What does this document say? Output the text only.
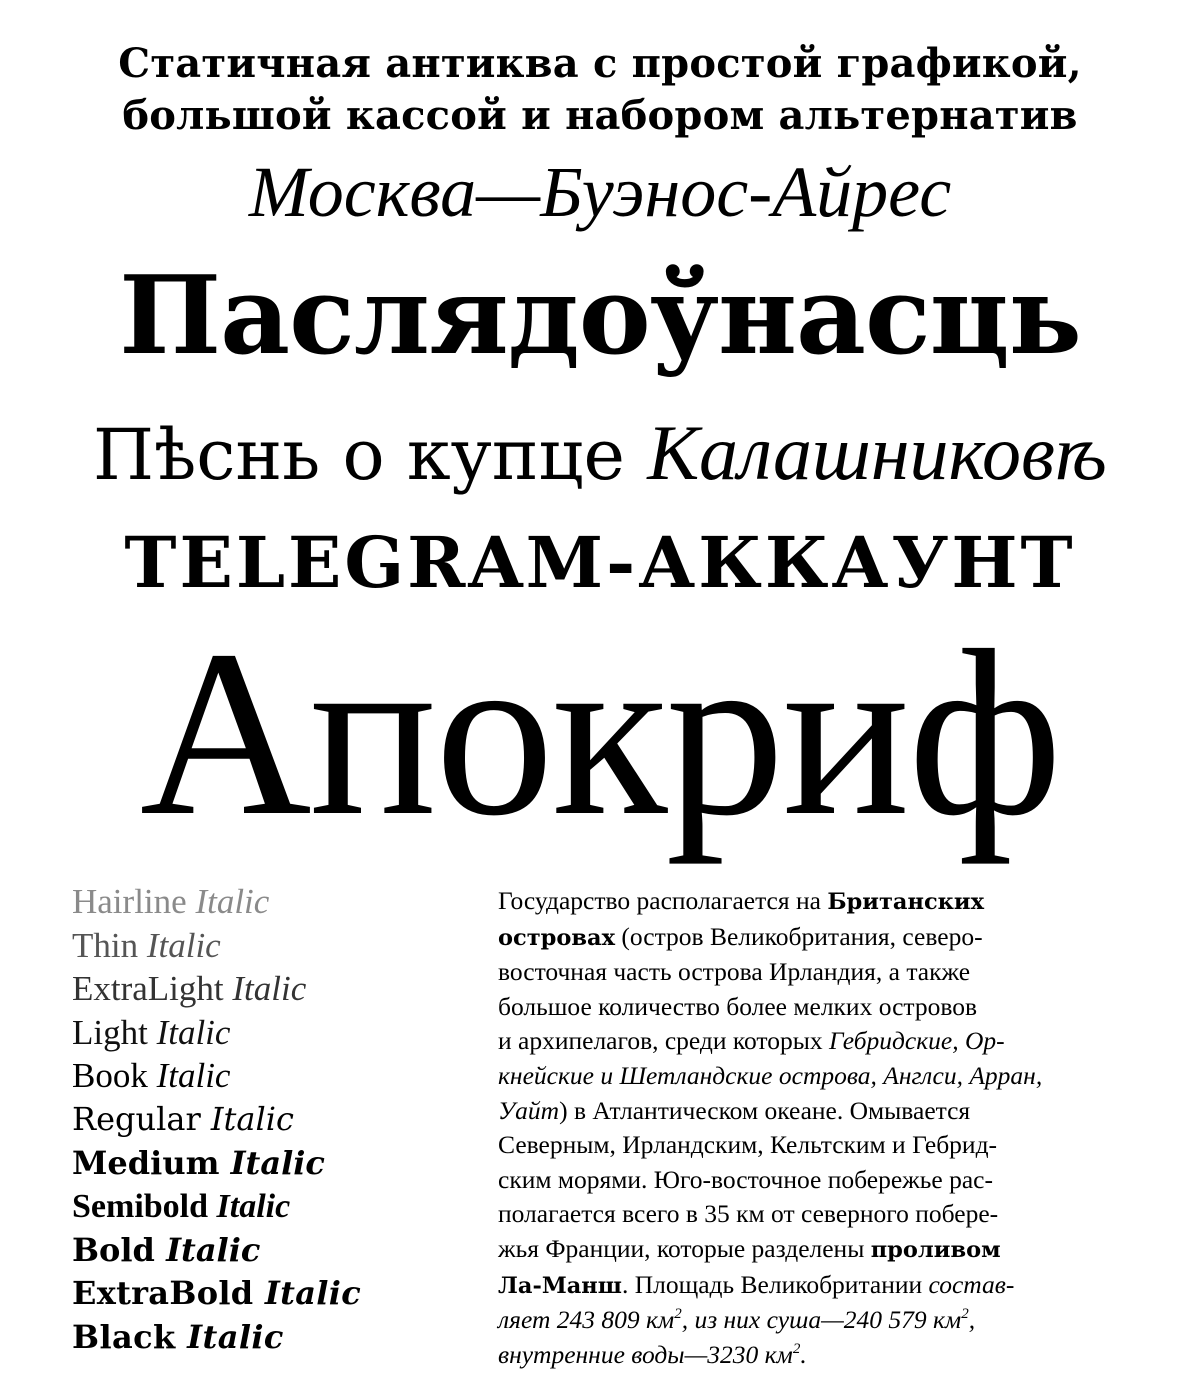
Статичная антиква с простой графикой,
большой кассой и набором альтернатив
Москва—Буэнос-Айрес
Паслядоўнасць
Пѣснь о купце Калашниковѣ
TELEGRAM-АККАУНТ
Апокриф
Hairline Italic
Thin Italic
ExtraLight Italic
Light Italic
Book Italic
Regular Italic
Medium Italic
Semibold Italic
Bold Italic
ExtraBold Italic
Black Italic
Государство располагается на Британских
островах (остров Великобритания, северо-
восточная часть острова Ирландия, а также
большое количество более мелких островов
и архипелагов, среди которых Гебридские, Ор-
кнейские и Шетландские острова, Англси, Арран,
Уайт) в Атлантическом океане. Омывается
Северным, Ирландским, Кельтским и Гебрид-
ским морями. Юго-восточное побережье рас-
полагается всего в 35 км от северного побере-
жья Франции, которые разделены проливом
Ла-Манш. Площадь Великобритании состав-
ляет 243 809 $км^2$, из них суша—240 579 $км^2$,
внутренние воды—3230 $км^2$.
